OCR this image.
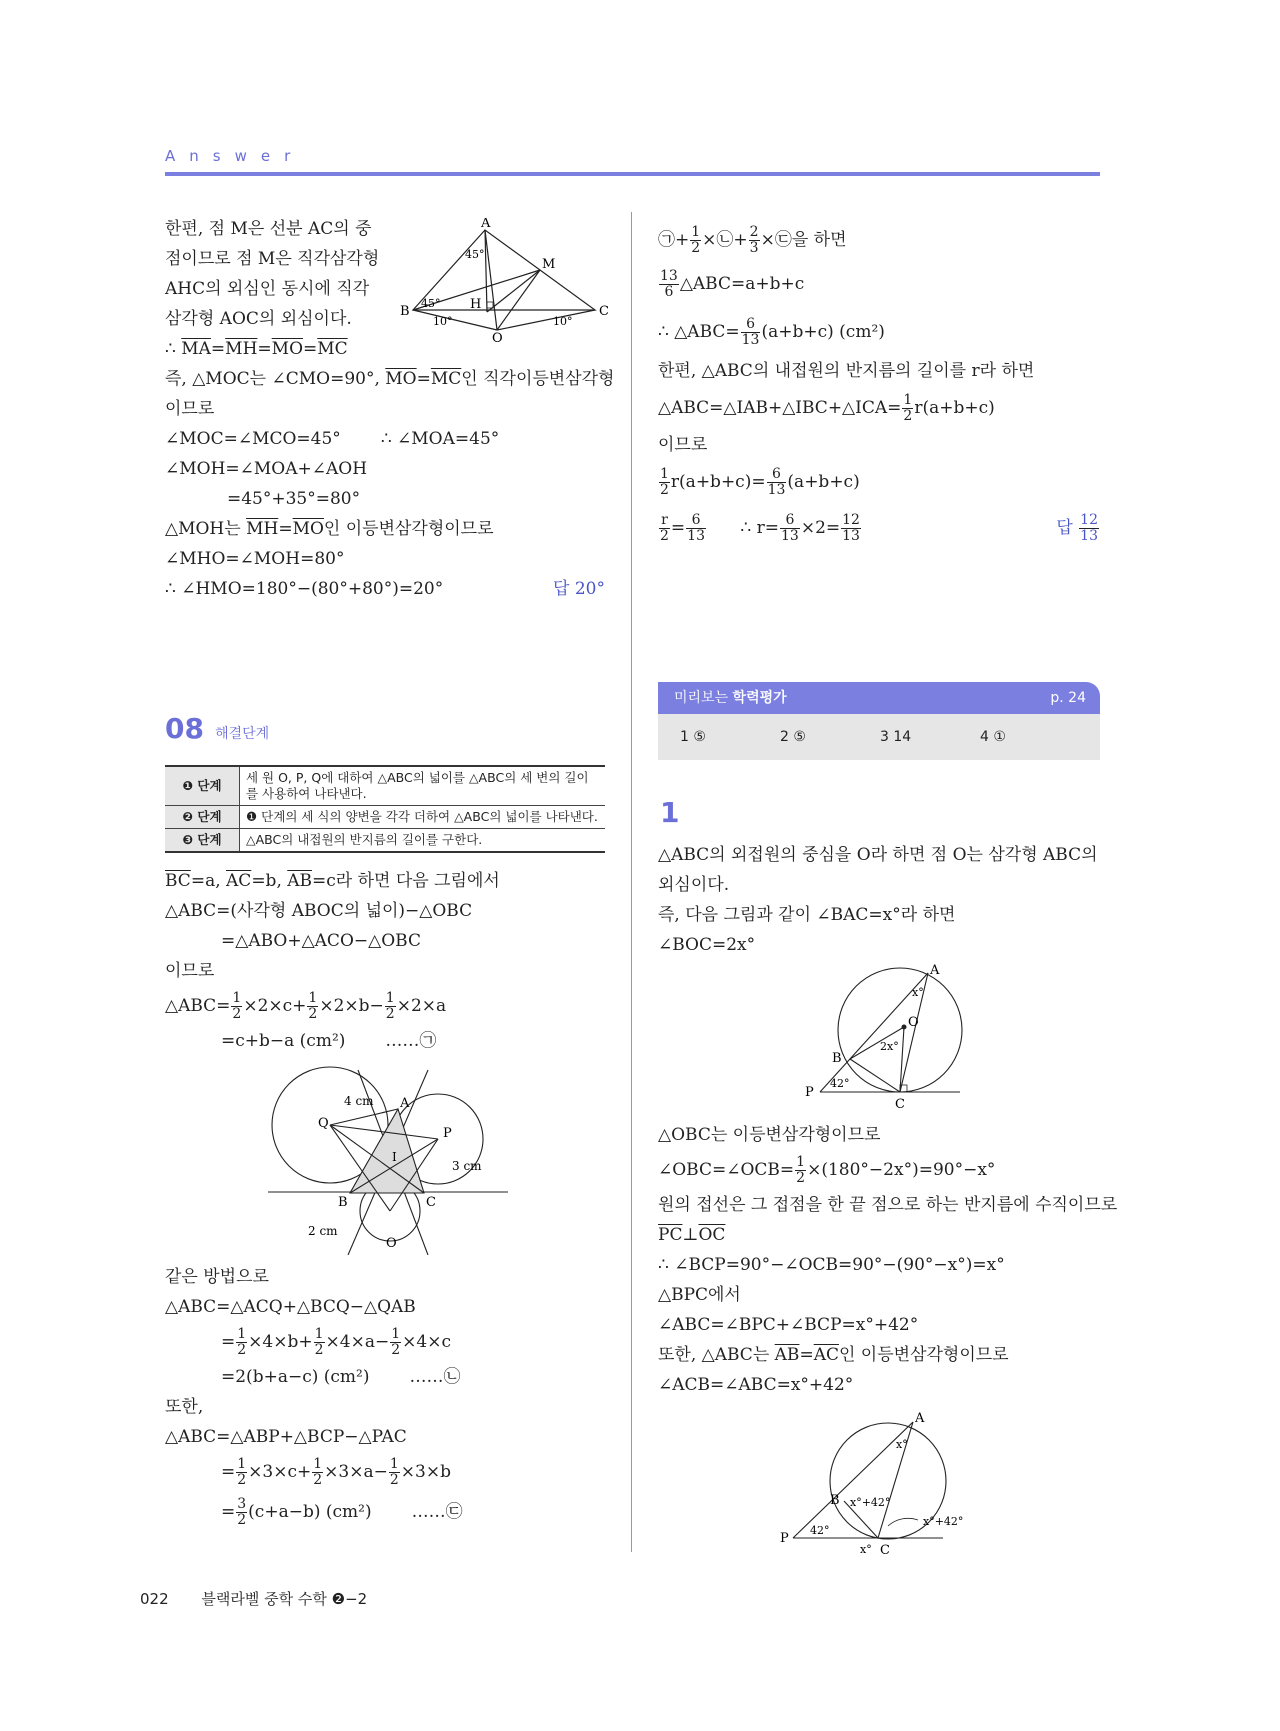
Answer
한편, 점 M은 선분 AC의 중
점이므로 점 M은 직각삼각형
AHC의 외심인 동시에 직각
삼각형 AOC의 외심이다.
∴ $\overline{MA}=\overline{MH}=\overline{MO}=\overline{MC}$
즉, △MOC는 ∠CMO=90°, $\overline{MO}=\overline{MC}$인 직각이등변삼각형
이므로
∠MOC=∠MCO=45° ∴ ∠MOA=45°
∠MOH=∠MOA+∠AOH
=45°+35°=80°
△MOH는 $\overline{MH}=\overline{MO}$인 이등변삼각형이므로
∠MHO=∠MOH=80°
∴ ∠HMO=180°−(80°+80°)=20°	답 20°
A
B	C
H
M
O
45°
45°
10°	10°
08 해결단계
❶ 단계	세 원 O, P, Q에 대하여 △ABC의 넓이를 △ABC의 세 변의 길이를 사용하여 나타낸다.
❷ 단계	❶ 단계의 세 식의 양변을 각각 더하여 △ABC의 넓이를 나타낸다.
❸ 단계	△ABC의 내접원의 반지름의 길이를 구한다.
$\overline{BC}=a$, $\overline{AC}=b$, $\overline{AB}=c$라 하면 다음 그림에서
△ABC=(사각형 ABOC의 넓이)−△OBC
=△ABO+△ACO−△OBC
이므로
△ABC= $\frac{1}{2} \times 2\times c+ \frac{1}{2} \times 2\times b- \frac{1}{2} \times 2\times a$
=c+b−a (cm²) ……㉠
Q
P
A
B	C
O
I
4 cm
3 cm
2 cm
같은 방법으로
△ABC=△ACQ+△BCQ−△QAB
= $\frac{1}{2} \times 4\times b+ \frac{1}{2} \times 4\times a- \frac{1}{2} \times 4\times c$
=2(b+a−c) (cm²) ……㉡
또한,
△ABC=△ABP+△BCP−△PAC
= $\frac{1}{2} \times 3\times c+ \frac{1}{2} \times 3\times a- \frac{1}{2} \times 3\times b$
= $\frac{3}{2} (c+a-b)$ (cm²) ……㉢
㉠+ $\frac{1}{2}$ ×㉡+ $\frac{2}{3}$ ×㉢을 하면
$\frac{13}{6}$ △ABC=a+b+c
∴ △ABC= $\frac{6}{13} (a+b+c)$ (cm²)
한편, △ABC의 내접원의 반지름의 길이를 r라 하면
△ABC=△IAB+△IBC+△ICA= $\frac{1}{2} r(a+b+c)$
이므로
$\frac{1}{2} r(a+b+c)= \frac{6}{13} (a+b+c)$
$\frac{r}{2} = \frac{6}{13}$ ∴ $r= \frac{6}{13} \times 2= \frac{12}{13}$	답 $\frac{12}{13}$
미리보는 학력평가	p. 24
1 ⑤	2 ⑤	3 14	4 ①
1
△ABC의 외접원의 중심을 O라 하면 점 O는 삼각형 ABC의
외심이다.
즉, 다음 그림과 같이 ∠BAC=x°라 하면
∠BOC=2x°
A
B
C
O
P
x°
2x°
42°
△OBC는 이등변삼각형이므로
∠OBC=∠OCB= $\frac{1}{2} \times(180^\circ-2x^\circ)=90^\circ-x^\circ$
원의 접선은 그 접점을 한 끝 점으로 하는 반지름에 수직이므로
$\overline{PC}\perp\overline{OC}$
∴ ∠BCP=90°−∠OCB=90°−(90°−x°)=x°
△BPC에서
∠ABC=∠BPC+∠BCP=x°+42°
또한, △ABC는 $\overline{AB}=\overline{AC}$인 이등변삼각형이므로
∠ACB=∠ABC=x°+42°
A
B
C
P
x°
x°+42°
x°+42°
42°
x°
022 블랙라벨 중학 수학 ❷−2
